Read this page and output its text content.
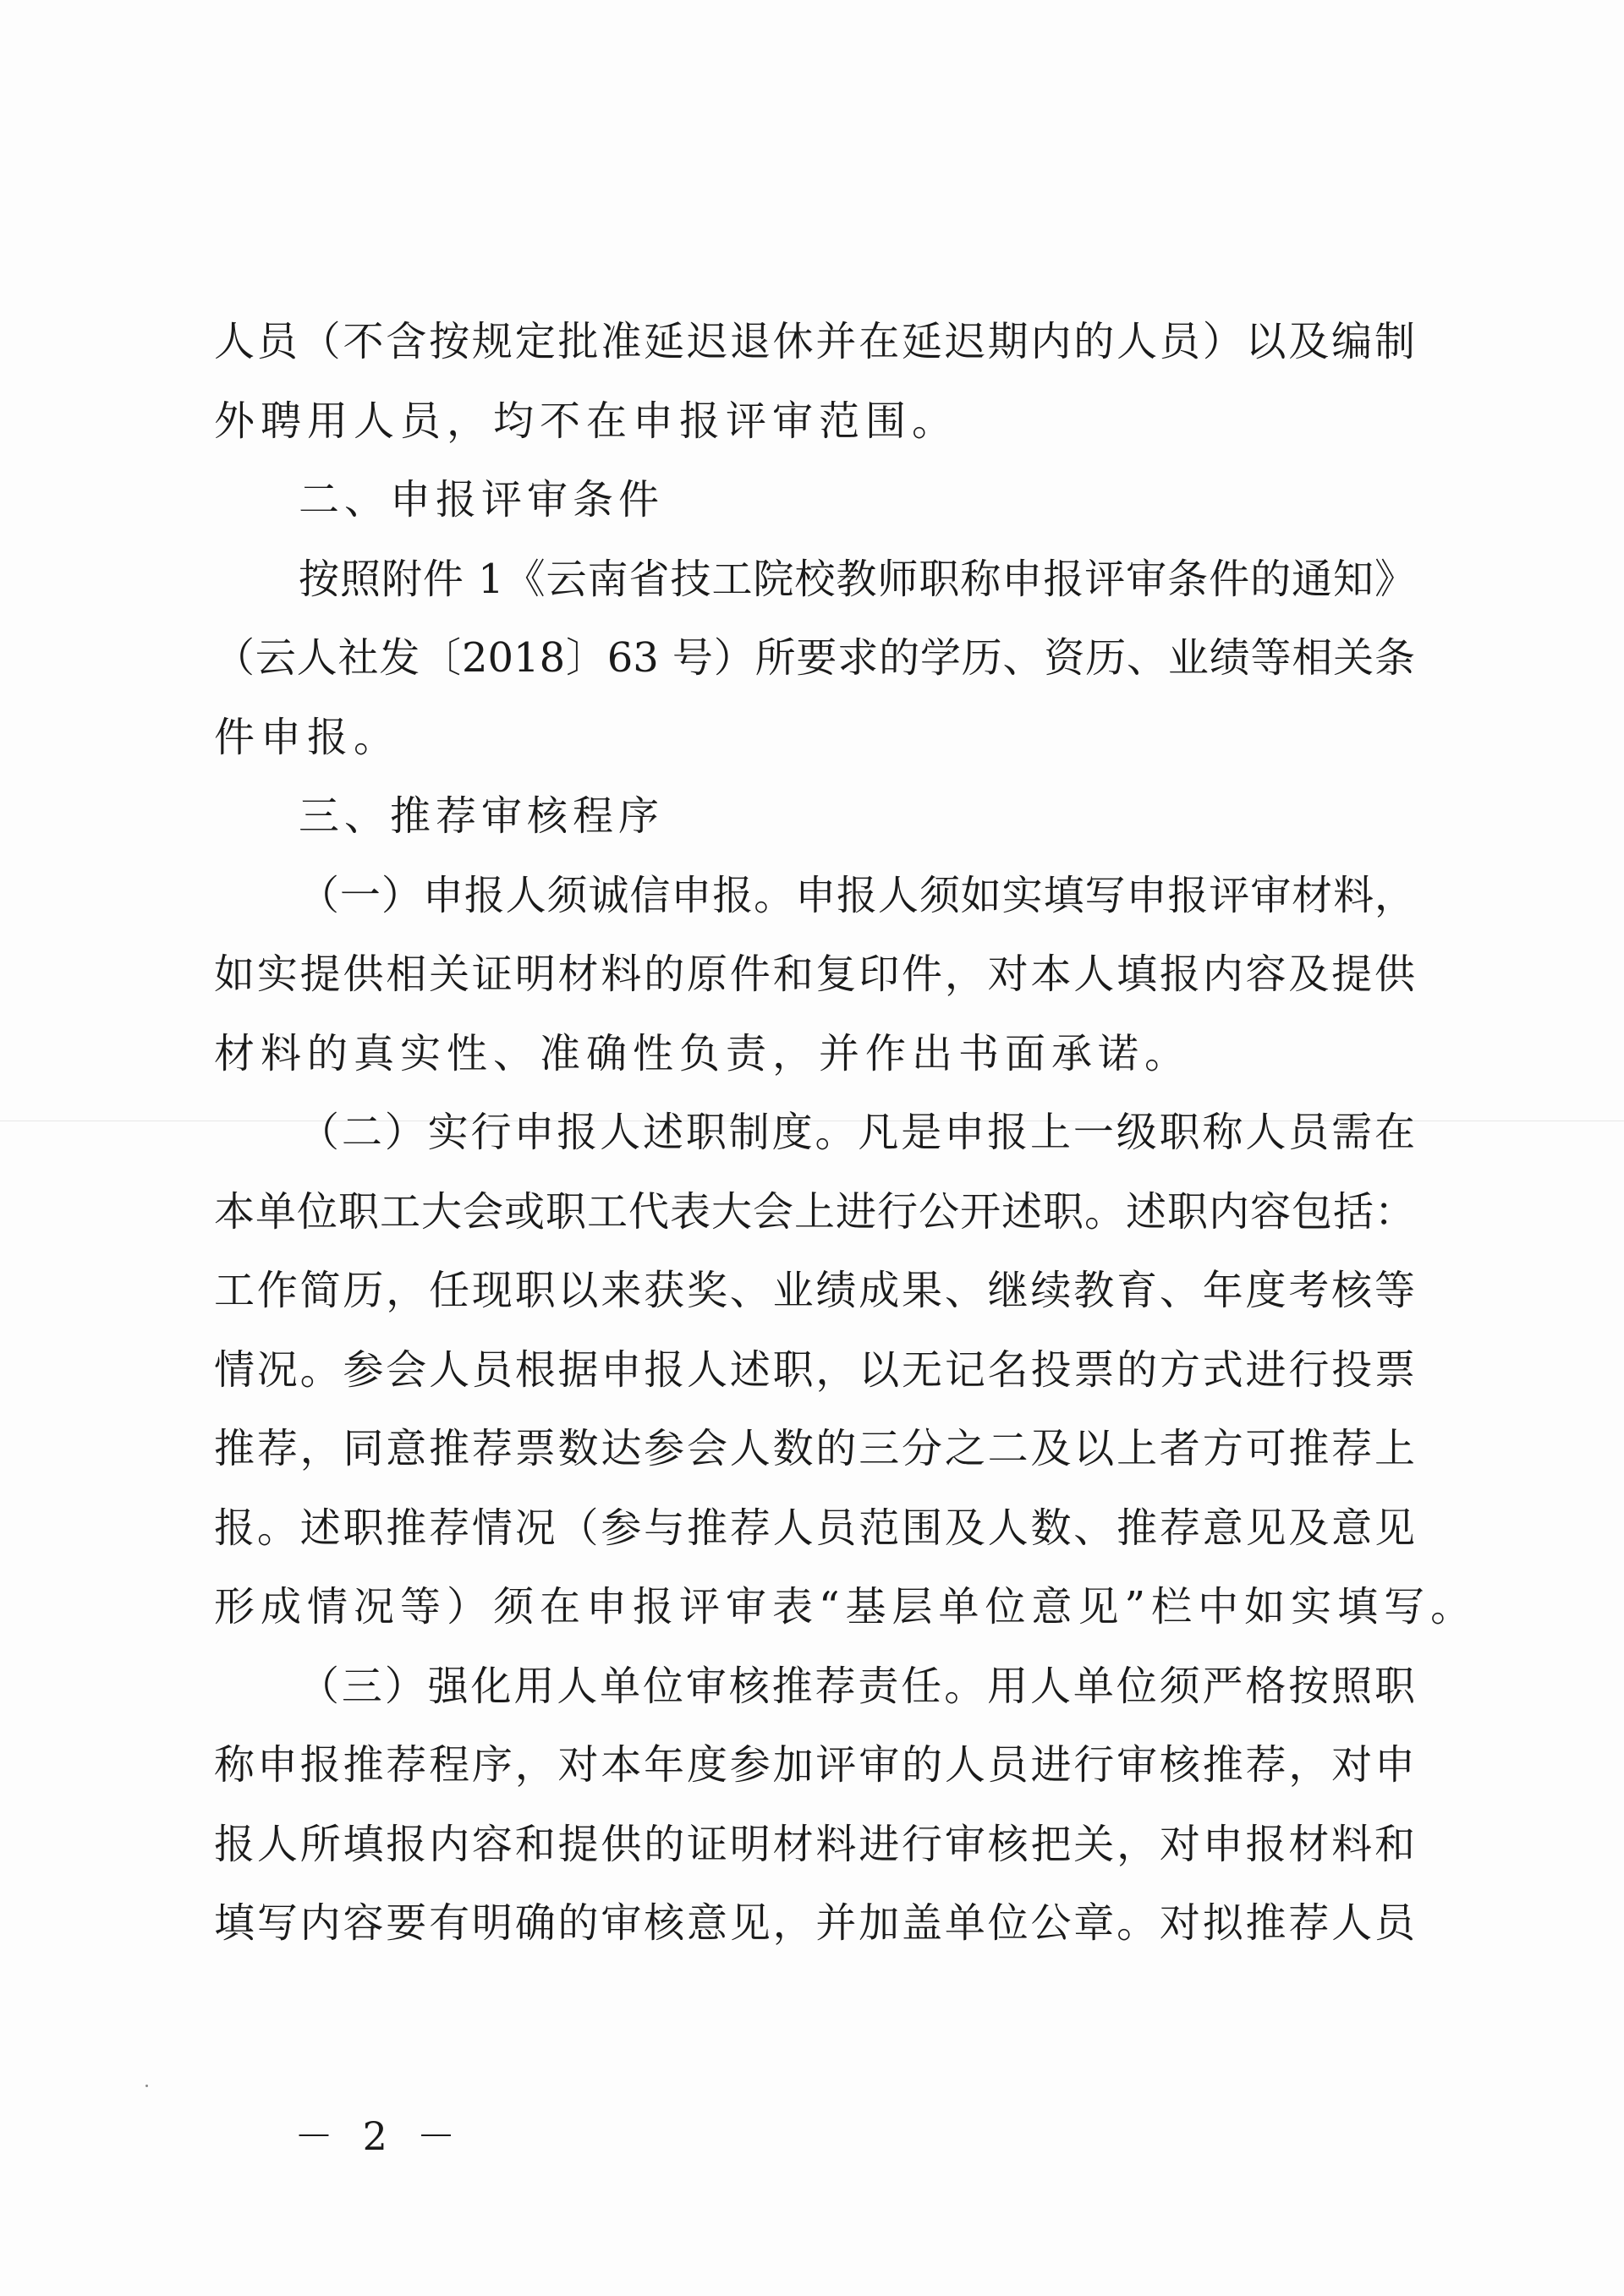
人员（不含按规定批准延迟退休并在延迟期内的人员）以及编制
外聘用人员，均不在申报评审范围。
二、申报评审条件
按照附件 1《云南省技工院校教师职称申报评审条件的通知》
（云人社发〔2018〕63 号）所要求的学历、资历、业绩等相关条
件申报。
三、推荐审核程序
（一）申报人须诚信申报。申报人须如实填写申报评审材料，
如实提供相关证明材料的原件和复印件，对本人填报内容及提供
材料的真实性、准确性负责，并作出书面承诺。
（二）实行申报人述职制度。凡是申报上一级职称人员需在
本单位职工大会或职工代表大会上进行公开述职。述职内容包括：
工作简历，任现职以来获奖、业绩成果、继续教育、年度考核等
情况。参会人员根据申报人述职，以无记名投票的方式进行投票
推荐，同意推荐票数达参会人数的三分之二及以上者方可推荐上
报。述职推荐情况（参与推荐人员范围及人数、推荐意见及意见
形成情况等）须在申报评审表“基层单位意见”栏中如实填写。
（三）强化用人单位审核推荐责任。用人单位须严格按照职
称申报推荐程序，对本年度参加评审的人员进行审核推荐，对申
报人所填报内容和提供的证明材料进行审核把关，对申报材料和
填写内容要有明确的审核意见，并加盖单位公章。对拟推荐人员
－ 2 －
